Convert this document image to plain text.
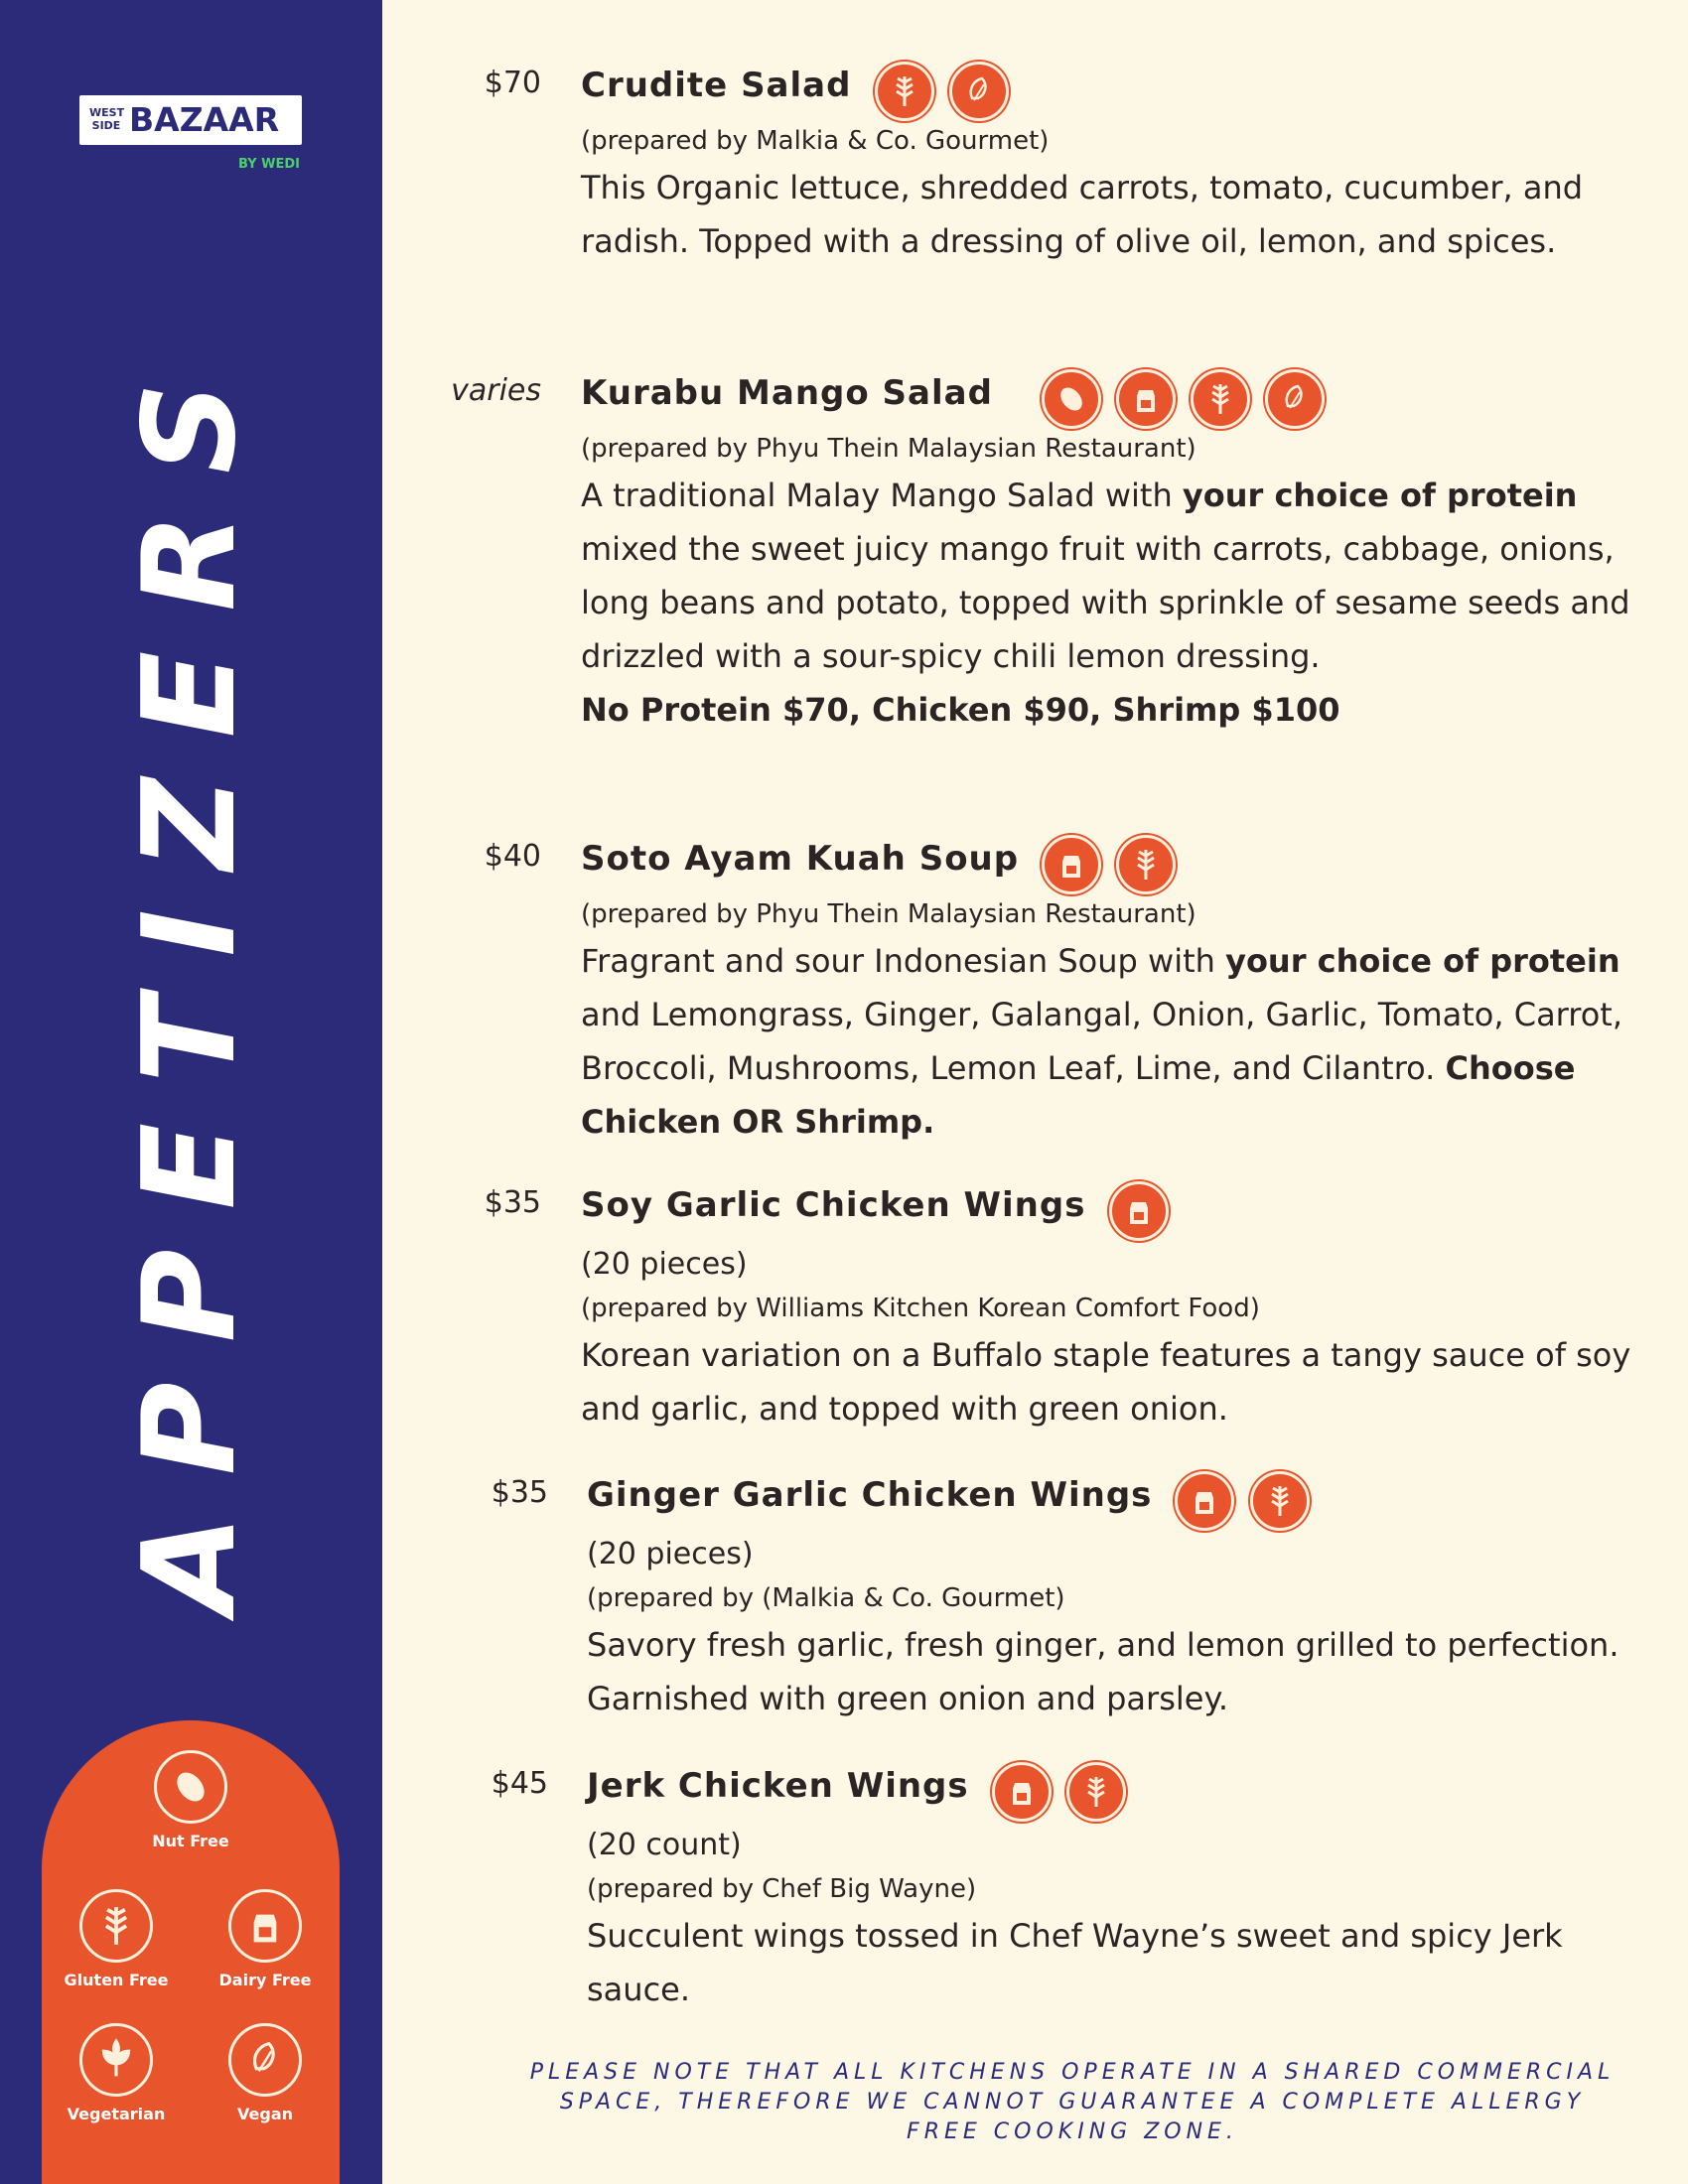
WEST
SIDE BAZAAR
BY WEDI
APPETIZERS
Nut Free
Gluten Free	Dairy Free
Vegetarian	Vegan
$70 Crudite Salad

(prepared by Malkia & Co. Gourmet)
This Organic lettuce, shredded carrots, tomato, cucumber, and radish. Topped with a dressing of olive oil, lemon, and spices.
varies Kurabu Mango Salad

(prepared by Phyu Thein Malaysian Restaurant)
A traditional Malay Mango Salad with your choice of protein mixed the sweet juicy mango fruit with carrots, cabbage, onions, long beans and potato, topped with sprinkle of sesame seeds and drizzled with a sour-spicy chili lemon dressing.
No Protein $70, Chicken $90, Shrimp $100
$40 Soto Ayam Kuah Soup

(prepared by Phyu Thein Malaysian Restaurant)
Fragrant and sour Indonesian Soup with your choice of protein and Lemongrass, Ginger, Galangal, Onion, Garlic, Tomato, Carrot, Broccoli, Mushrooms, Lemon Leaf, Lime, and Cilantro. Choose Chicken OR Shrimp.
$35 Soy Garlic Chicken Wings
(20 pieces)
(prepared by Williams Kitchen Korean Comfort Food)
Korean variation on a Buffalo staple features a tangy sauce of soy and garlic, and topped with green onion.
$35 Ginger Garlic Chicken Wings

(20 pieces)
(prepared by (Malkia & Co. Gourmet)
Savory fresh garlic, fresh ginger, and lemon grilled to perfection. Garnished with green onion and parsley.
$45 Jerk Chicken Wings

(20 count)
(prepared by Chef Big Wayne)
Succulent wings tossed in Chef Wayne’s sweet and spicy Jerk sauce.
PLEASE NOTE THAT ALL KITCHENS OPERATE IN A SHARED COMMERCIAL SPACE, THEREFORE WE CANNOT GUARANTEE A COMPLETE ALLERGY FREE COOKING ZONE.
